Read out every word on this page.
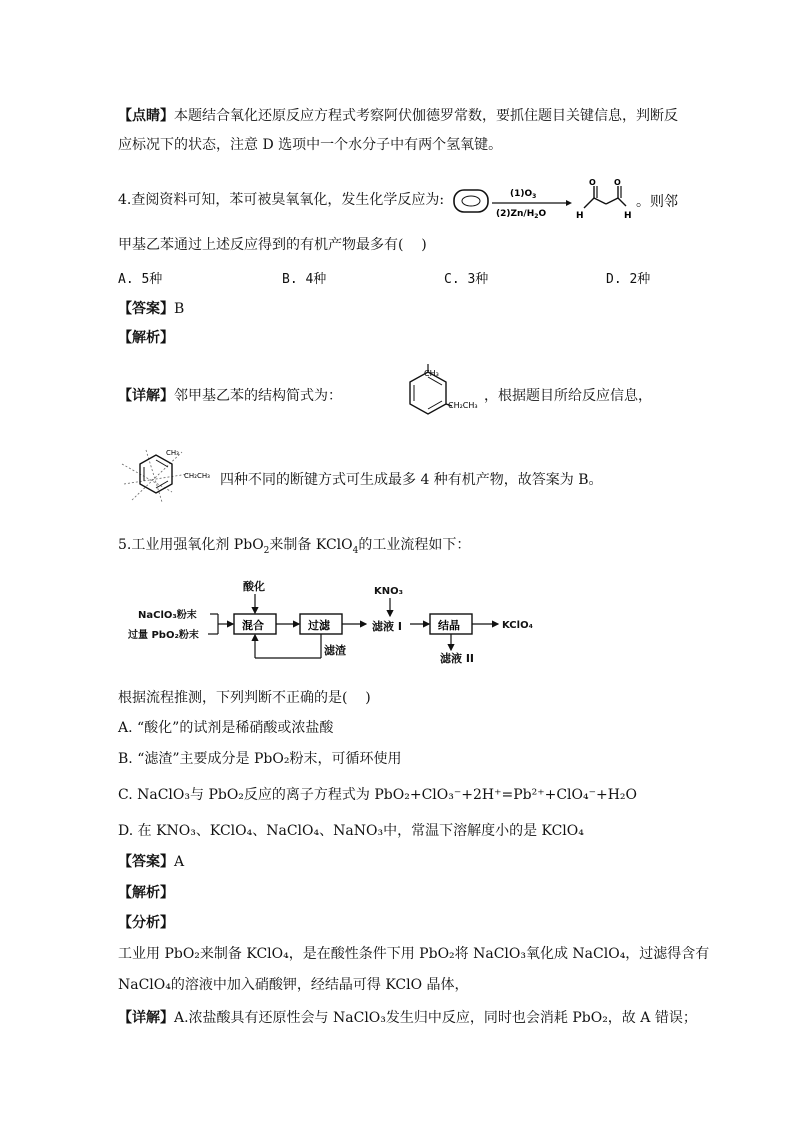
【点睛】本题结合氧化还原反应方程式考察阿伏伽德罗常数，要抓住题目关键信息，判断反
应标况下的状态，注意 D 选项中一个水分子中有两个氢氧键。
4.查阅资料可知，苯可被臭氧氧化，发生化学反应为:	$(1)O_3$
$(2)Zn/H_2O$
O O
H	H
。则邻
甲基乙苯通过上述反应得到的有机产物最多有(    )
A. 5种	B. 4种	C. 3种	D. 2种
【答案】B
【解析】
【详解】邻甲基乙苯的结构简式为：
CH₃
CH₂CH₃
，根据题目所给反应信息，
CH₃
CH₂CH₃ 四种不同的断键方式可生成最多 4 种有机产物，故答案为 B。
5.工业用强氧化剂 PbO$_2$来制备 KClO$_4$的工业流程如下：
酸化
NaClO₃粉末
过量 PbO₂粉末
滤渣
KNO₃
滤液 I	KClO₄
滤液 II
混合	过滤	结晶
根据流程推测，下列判断不正确的是(    )
A. “酸化”的试剂是稀硝酸或浓盐酸
B. “滤渣”主要成分是 PbO₂粉末，可循环使用
C. NaClO₃与 PbO₂反应的离子方程式为 PbO₂+ClO₃⁻+2H⁺=Pb²⁺+ClO₄⁻+H₂O
D. 在 KNO₃、KClO₄、NaClO₄、NaNO₃中，常温下溶解度小的是 KClO₄
【答案】A
【解析】
【分析】
工业用 PbO₂来制备 KClO₄，是在酸性条件下用 PbO₂将 NaClO₃氧化成 NaClO₄，过滤得含有
NaClO₄的溶液中加入硝酸钾，经结晶可得 KClO 晶体，
【详解】A.浓盐酸具有还原性会与 NaClO₃发生归中反应，同时也会消耗 PbO₂，故 A 错误；
